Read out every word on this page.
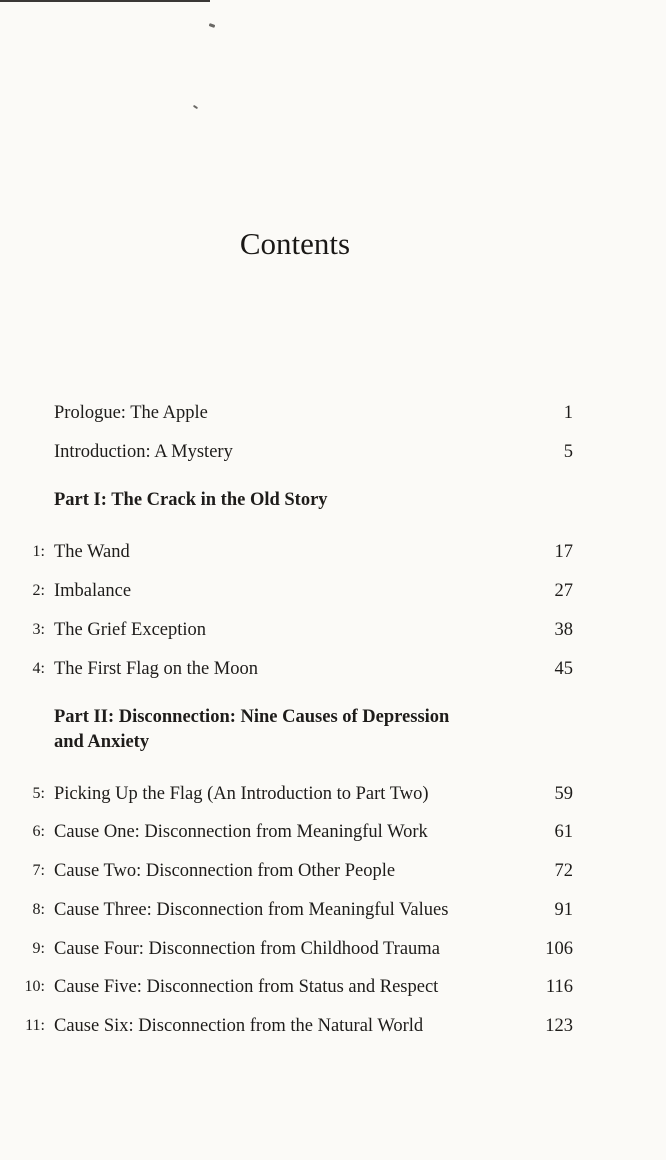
Contents
Prologue: The Apple	1
Introduction: A Mystery	5
Part I: The Crack in the Old Story
1: The Wand	17
2: Imbalance	27
3: The Grief Exception	38
4: The First Flag on the Moon	45
Part II: Disconnection: Nine Causes of Depression
and Anxiety
5: Picking Up the Flag (An Introduction to Part Two)	59
6: Cause One: Disconnection from Meaningful Work	61
7: Cause Two: Disconnection from Other People	72
8: Cause Three: Disconnection from Meaningful Values	91
9: Cause Four: Disconnection from Childhood Trauma	106
10: Cause Five: Disconnection from Status and Respect	116
11: Cause Six: Disconnection from the Natural World	123
